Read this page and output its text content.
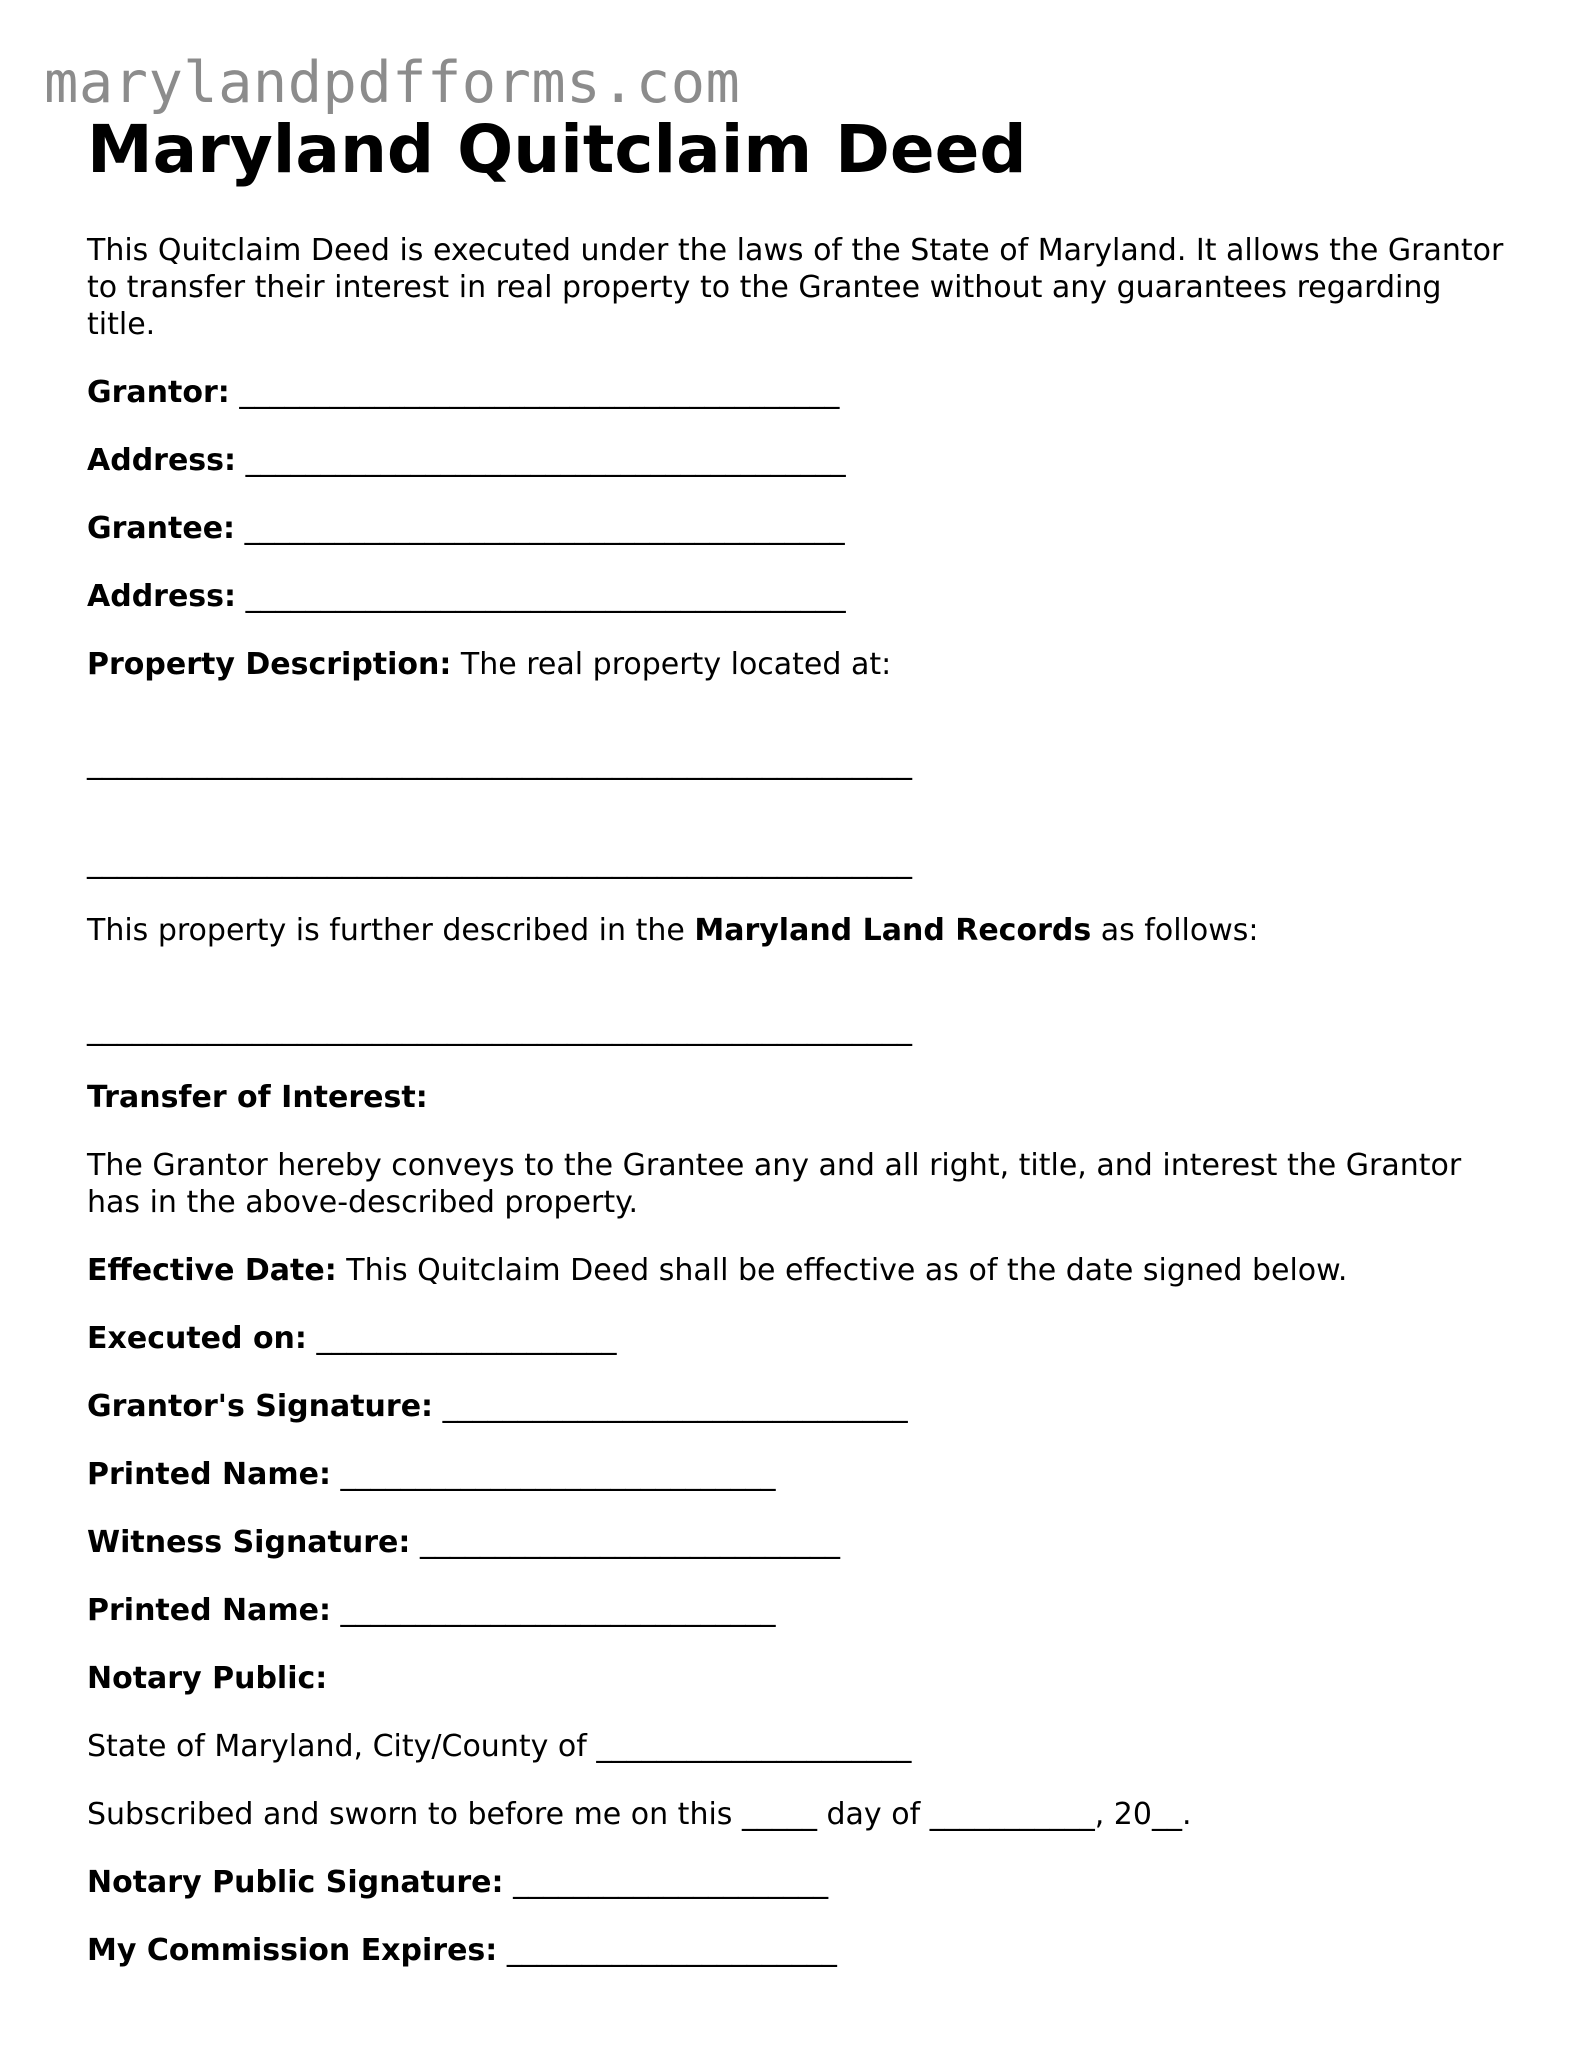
marylandpdfforms.com
Maryland Quitclaim Deed
This Quitclaim Deed is executed under the laws of the State of Maryland. It allows the Grantor to transfer their interest in real property to the Grantee without any guarantees regarding title.
Grantor: ________________________________________
Address: ________________________________________
Grantee: ________________________________________
Address: ________________________________________
Property Description: The real property located at:
_______________________________________________________
_______________________________________________________
This property is further described in the Maryland Land Records as follows:
_______________________________________________________
Transfer of Interest:
The Grantor hereby conveys to the Grantee any and all right, title, and interest the Grantor has in the above-described property.
Effective Date: This Quitclaim Deed shall be effective as of the date signed below.
Executed on: ____________________
Grantor's Signature: _______________________________
Printed Name: _____________________________
Witness Signature: ____________________________
Printed Name: _____________________________
Notary Public:
State of Maryland, City/County of _____________________
Subscribed and sworn to before me on this _____ day of ___________, 20__.
Notary Public Signature: _____________________
My Commission Expires: ______________________
